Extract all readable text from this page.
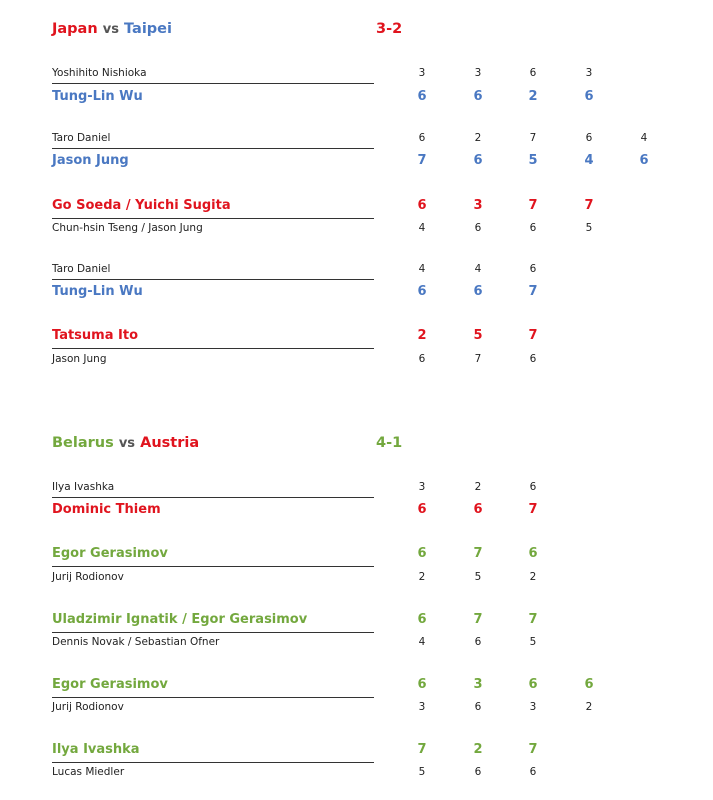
Japan vs Taipei	3-2
Yoshihito Nishioka	3	3	6	3
Tung-Lin Wu	6	6	2	6
Taro Daniel	6	2	7	6	4
Jason Jung	7	6	5	4	6
Go Soeda / Yuichi Sugita	6	3	7	7
Chun-hsin Tseng / Jason Jung	4	6	6	5
Taro Daniel	4	4	6
Tung-Lin Wu	6	6	7
Tatsuma Ito	2	5	7
Jason Jung	6	7	6
Belarus vs Austria	4-1
Ilya Ivashka	3	2	6
Dominic Thiem	6	6	7
Egor Gerasimov	6	7	6
Jurij Rodionov	2	5	2
Uladzimir Ignatik / Egor Gerasimov	6	7	7
Dennis Novak / Sebastian Ofner	4	6	5
Egor Gerasimov	6	3	6	6
Jurij Rodionov	3	6	3	2
Ilya Ivashka	7	2	7
Lucas Miedler	5	6	6
